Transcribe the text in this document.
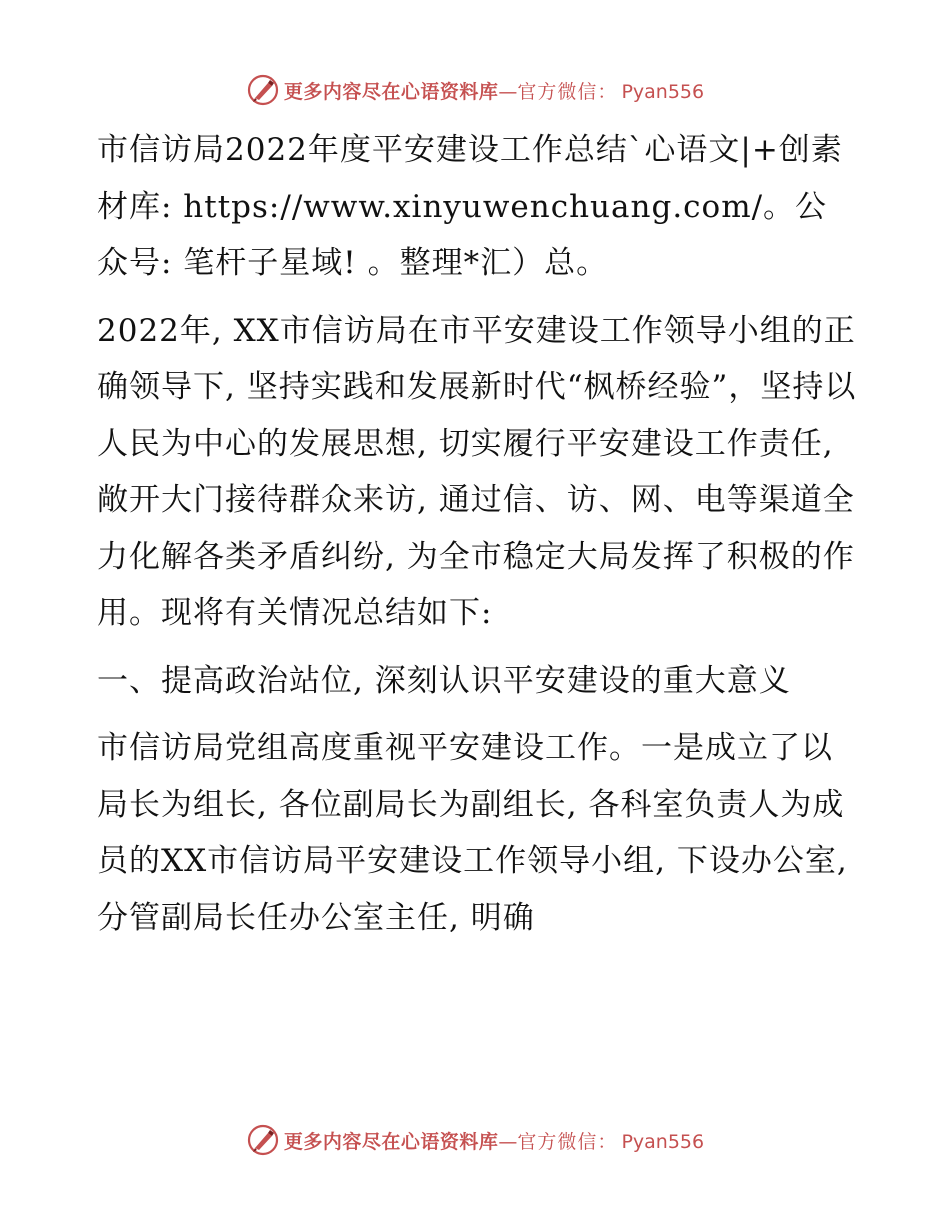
更多内容尽在心语资料库 — 官方微信： Pyan556

市信访局2022年度平安建设工作总结`心语文|+创素材库: https://www.xinyuwenchuang.com/。公众号: 笔杆子星域! 。整理*汇）总。

2022年, XX市信访局在市平安建设工作领导小组的正确领导下, 坚持实践和发展新时代“枫桥经验”，坚持以人民为中心的发展思想, 切实履行平安建设工作责任, 敞开大门接待群众来访, 通过信、访、网、电等渠道全力化解各类矛盾纠纷, 为全市稳定大局发挥了积极的作用。现将有关情况总结如下:

一、提高政治站位, 深刻认识平安建设的重大意义

市信访局党组高度重视平安建设工作。一是成立了以局长为组长, 各位副局长为副组长, 各科室负责人为成员的XX市信访局平安建设工作领导小组, 下设办公室, 分管副局长任办公室主任, 明确

更多内容尽在心语资料库 — 官方微信： Pyan556
